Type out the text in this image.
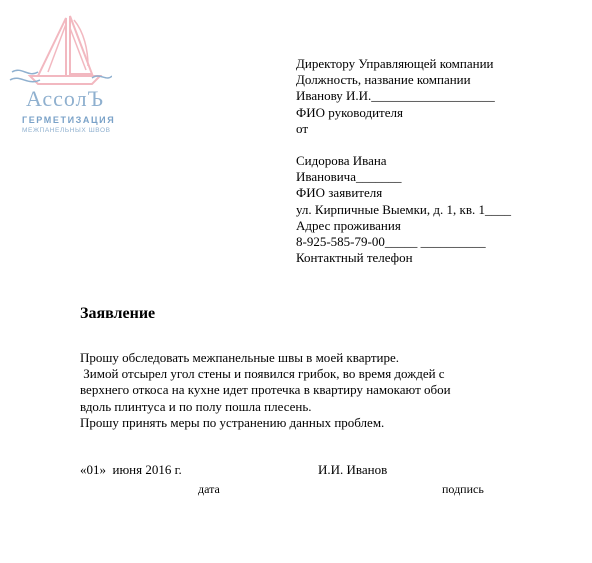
АссолЪ
ГЕРМЕТИЗАЦИЯ
МЕЖПАНЕЛЬНЫХ ШВОВ
Директору Управляющей компании
Должность, название компании
Иванову И.И.___________________
ФИО руководителя
от
Сидорова Ивана
Ивановича_______
ФИО заявителя
ул. Кирпичные Выемки, д. 1, кв. 1____
Адрес проживания
8-925-585-79-00_____ __________
Контактный телефон
Заявление
Прошу обследовать межпанельные швы в моей квартире.
Зимой отсырел угол стены и появился грибок, во время дождей с
верхнего откоса на кухне идет протечка в квартиру намокают обои
вдоль плинтуса и по полу пошла плесень.
Прошу принять меры по устранению данных проблем.
«01»  июня 2016 г.	И.И. Иванов
дата	подпись
